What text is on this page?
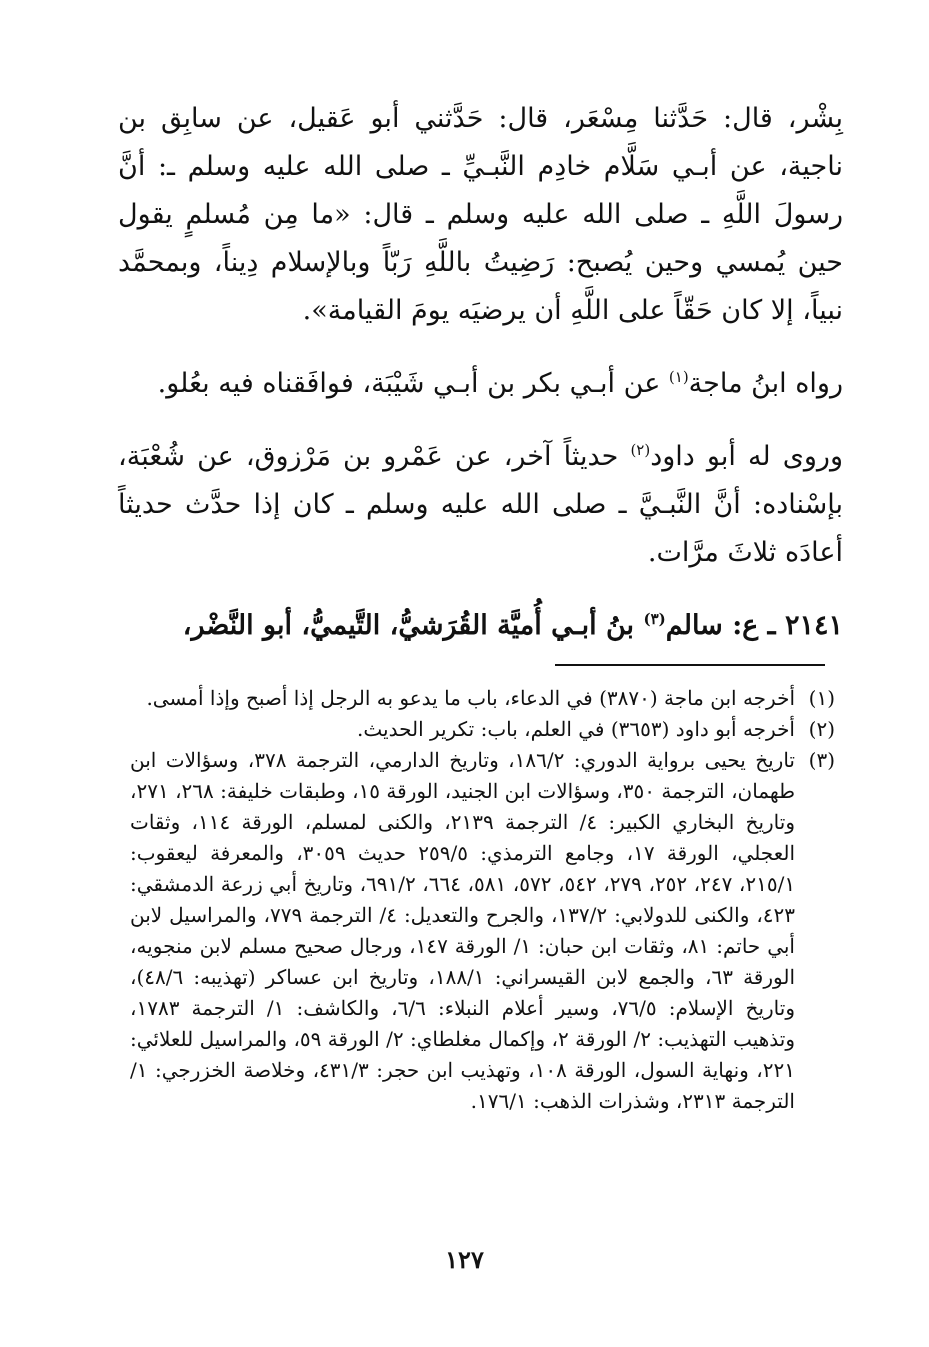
بِشْر، قال: حَدَّثنا مِسْعَر، قال: حَدَّثني أبو عَقيل، عن سابِق بن ناجية، عن أبـي سَلَّام خادِم النَّبـيِّ ـ صلى الله عليه وسلم ـ: أنَّ رسولَ اللَّهِ ـ صلى الله عليه وسلم ـ قال: «ما مِن مُسلمٍ يقول حين يُمسي وحين يُصبح: رَضِيتُ باللَّهِ رَبّاً وبالإسلام دِيناً، وبمحمَّد نبياً، إلا كان حَقّاً على اللَّهِ أن يرضيَه يومَ القيامة».

رواه ابنُ ماجة$^{(١)}$ عن أبـي بكر بن أبـي شَيْبَة، فوافَقناه فيه بعُلو.

وروى له أبو داود$^{(٢)}$ حديثاً آخر، عن عَمْرو بن مَرْزوق، عن شُعْبَة، بإسْناده: أنَّ النَّبـيَّ ـ صلى الله عليه وسلم ـ كان إذا حدَّث حديثاً أعادَه ثلاثَ مرَّات.

٢١٤١ ـ ع: سالم$^{(٣)}$ بنُ أبـي أُميَّة القُرَشيُّ، التَّيميُّ، أبو النَّضْر،

(١)
أخرجه ابن ماجة (٣٨٧٠) في الدعاء، باب ما يدعو به الرجل إذا أصبح وإذا أمسى.
(٢)
أخرجه أبو داود (٣٦٥٣) في العلم، باب: تكرير الحديث.
(٣)
تاريخ يحيى برواية الدوري: ١٨٦/٢، وتاريخ الدارمي، الترجمة ٣٧٨، وسؤالات ابن طهمان، الترجمة ٣٥٠، وسؤالات ابن الجنيد، الورقة ١٥، وطبقات خليفة: ٢٦٨، ٢٧١، وتاريخ البخاري الكبير: ٤/ الترجمة ٢١٣٩، والكنى لمسلم، الورقة ١١٤، وثقات العجلي، الورقة ١٧، وجامع الترمذي: ٢٥٩/٥ حديث ٣٠٥٩، والمعرفة ليعقوب: ٢١٥/١، ٢٤٧، ٢٥٢، ٢٧٩، ٥٤٢، ٥٧٢، ٥٨١، ٦٦٤، ٦٩١/٢، وتاريخ أبي زرعة الدمشقي: ٤٢٣، والكنى للدولابي: ١٣٧/٢، والجرح والتعديل: ٤/ الترجمة ٧٧٩، والمراسيل لابن أبي حاتم: ٨١، وثقات ابن حبان: ١/ الورقة ١٤٧، ورجال صحيح مسلم لابن منجويه، الورقة ٦٣، والجمع لابن القيسراني: ١٨٨/١، وتاريخ ابن عساكر (تهذيبه: ٤٨/٦)، وتاريخ الإسلام: ٧٦/٥، وسير أعلام النبلاء: ٦/٦، والكاشف: ١/ الترجمة ١٧٨٣، وتذهيب التهذيب: ٢/ الورقة ٢، وإكمال مغلطاي: ٢/ الورقة ٥٩، والمراسيل للعلائي: ٢٢١، ونهاية السول، الورقة ١٠٨، وتهذيب ابن حجر: ٤٣١/٣، وخلاصة الخزرجي: ١/ الترجمة ٢٣١٣، وشذرات الذهب: ١٧٦/١.
١٢٧
